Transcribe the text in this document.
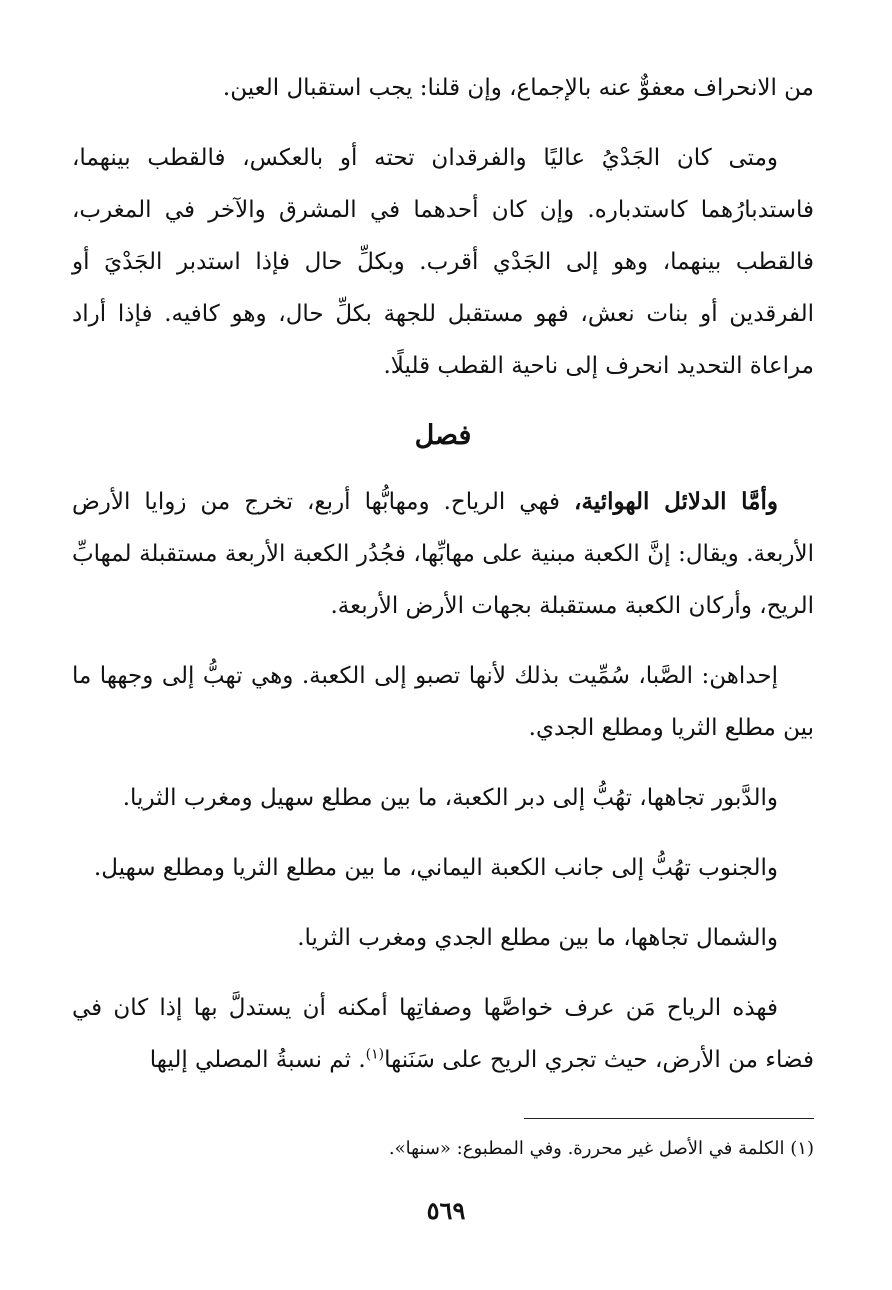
من الانحراف معفوٌّ عنه بالإجماع، وإن قلنا: يجب استقبال العين.

ومتى كان الجَدْيُ عاليًا والفرقدان تحته أو بالعكس، فالقطب بينهما، فاستدبارُهما كاستدباره. وإن كان أحدهما في المشرق والآخر في المغرب، فالقطب بينهما، وهو إلى الجَدْي أقرب. وبكلِّ حال فإذا استدبر الجَدْيَ أو الفرقدين أو بنات نعش، فهو مستقبل للجهة بكلِّ حال، وهو كافيه. فإذا أراد مراعاة التحديد انحرف إلى ناحية القطب قليلًا.

فصل

وأمَّا الدلائل الهوائية، فهي الرياح. ومهابُّها أربع، تخرج من زوايا الأرض الأربعة. ويقال: إنَّ الكعبة مبنية على مهابِّها، فجُدُر الكعبة الأربعة مستقبلة لمهابِّ الريح، وأركان الكعبة مستقبلة بجهات الأرض الأربعة.

إحداهن: الصَّبا، سُمِّيت بذلك لأنها تصبو إلى الكعبة. وهي تهبُّ إلى وجهها ما بين مطلع الثريا ومطلع الجدي.

والدَّبور تجاهها، تهُبُّ إلى دبر الكعبة، ما بين مطلع سهيل ومغرب الثريا.

والجنوب تهُبُّ إلى جانب الكعبة اليماني، ما بين مطلع الثريا ومطلع سهيل.

والشمال تجاهها، ما بين مطلع الجدي ومغرب الثريا.

فهذه الرياح مَن عرف خواصَّها وصفاتِها أمكنه أن يستدلَّ بها إذا كان في فضاء من الأرض، حيث تجري الريح على سَنَنها$^{(١)}$. ثم نسبةُ المصلي إليها

(١) الكلمة في الأصل غير محررة. وفي المطبوع: «سنها».
٥٦٩
